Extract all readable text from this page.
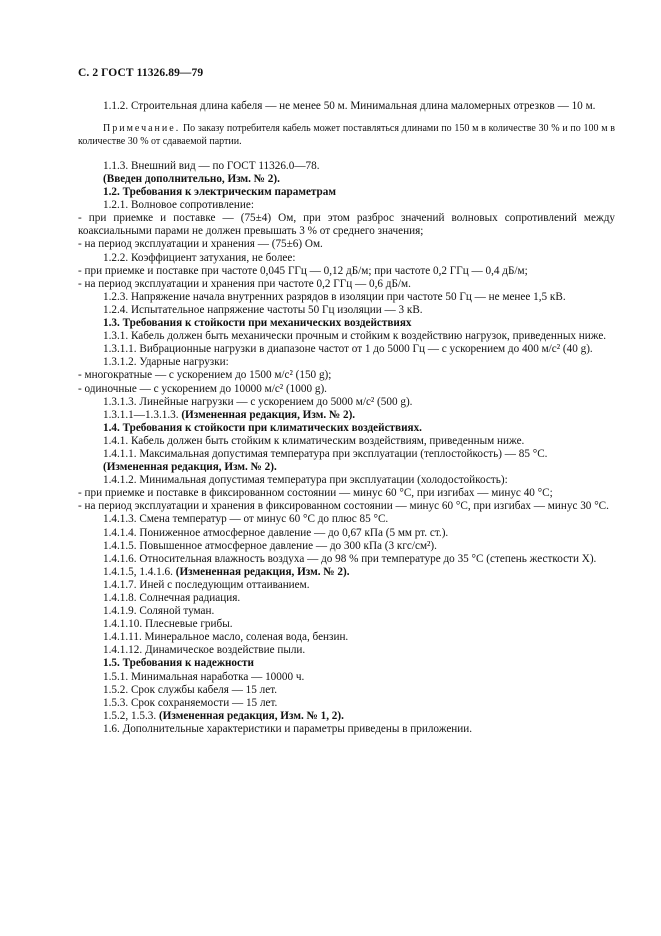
С. 2 ГОСТ 11326.89—79

1.1.2. Строительная длина кабеля — не менее 50 м. Минимальная длина маломерных отрезков — 10 м.

Примечание. По заказу потребителя кабель может поставляться длинами по 150 м в количестве 30 % и по 100 м в количестве 30 % от сдаваемой партии.

1.1.3. Внешний вид — по ГОСТ 11326.0—78.

(Введен дополнительно, Изм. № 2).

1.2. Требования к электрическим параметрам

1.2.1. Волновое сопротивление:

- при приемке и поставке — (75±4) Ом, при этом разброс значений волновых сопротивлений между коаксиальными парами не должен превышать 3 % от среднего значения;

- на период эксплуатации и хранения — (75±6) Ом.

1.2.2. Коэффициент затухания, не более:

- при приемке и поставке при частоте 0,045 ГГц — 0,12 дБ/м; при частоте 0,2 ГГц — 0,4 дБ/м;

- на период эксплуатации и хранения при частоте 0,2 ГГц — 0,6 дБ/м.

1.2.3. Напряжение начала внутренних разрядов в изоляции при частоте 50 Гц — не менее 1,5 кВ.

1.2.4. Испытательное напряжение частоты 50 Гц изоляции — 3 кВ.

1.3. Требования к стойкости при механических воздействиях

1.3.1. Кабель должен быть механически прочным и стойким к воздействию нагрузок, приведенных ниже.

1.3.1.1. Вибрационные нагрузки в диапазоне частот от 1 до 5000 Гц — с ускорением до 400 м/с² (40 g).

1.3.1.2. Ударные нагрузки:

- многократные — с ускорением до 1500 м/с² (150 g);

- одиночные — с ускорением до 10000 м/с² (1000 g).

1.3.1.3. Линейные нагрузки — с ускорением до 5000 м/с² (500 g).

1.3.1.1—1.3.1.3. (Измененная редакция, Изм. № 2).

1.4. Требования к стойкости при климатических воздействиях.

1.4.1. Кабель должен быть стойким к климатическим воздействиям, приведенным ниже.

1.4.1.1. Максимальная допустимая температура при эксплуатации (теплостойкость) — 85 °С.

(Измененная редакция, Изм. № 2).

1.4.1.2. Минимальная допустимая температура при эксплуатации (холодостойкость):

- при приемке и поставке в фиксированном состоянии — минус 60 °С, при изгибах — минус 40 °С;

- на период эксплуатации и хранения в фиксированном состоянии — минус 60 °С, при изгибах — минус 30 °С.

1.4.1.3. Смена температур — от минус 60 °С до плюс 85 °С.

1.4.1.4. Пониженное атмосферное давление — до 0,67 кПа (5 мм рт. ст.).

1.4.1.5. Повышенное атмосферное давление — до 300 кПа (3 кгс/см²).

1.4.1.6. Относительная влажность воздуха — до 98 % при температуре до 35 °С (степень жесткости X).

1.4.1.5, 1.4.1.6. (Измененная редакция, Изм. № 2).

1.4.1.7. Иней с последующим оттаиванием.

1.4.1.8. Солнечная радиация.

1.4.1.9. Соляной туман.

1.4.1.10. Плесневые грибы.

1.4.1.11. Минеральное масло, соленая вода, бензин.

1.4.1.12. Динамическое воздействие пыли.

1.5. Требования к надежности

1.5.1. Минимальная наработка — 10000 ч.

1.5.2. Срок службы кабеля — 15 лет.

1.5.3. Срок сохраняемости — 15 лет.

1.5.2, 1.5.3. (Измененная редакция, Изм. № 1, 2).

1.6. Дополнительные характеристики и параметры приведены в приложении.
